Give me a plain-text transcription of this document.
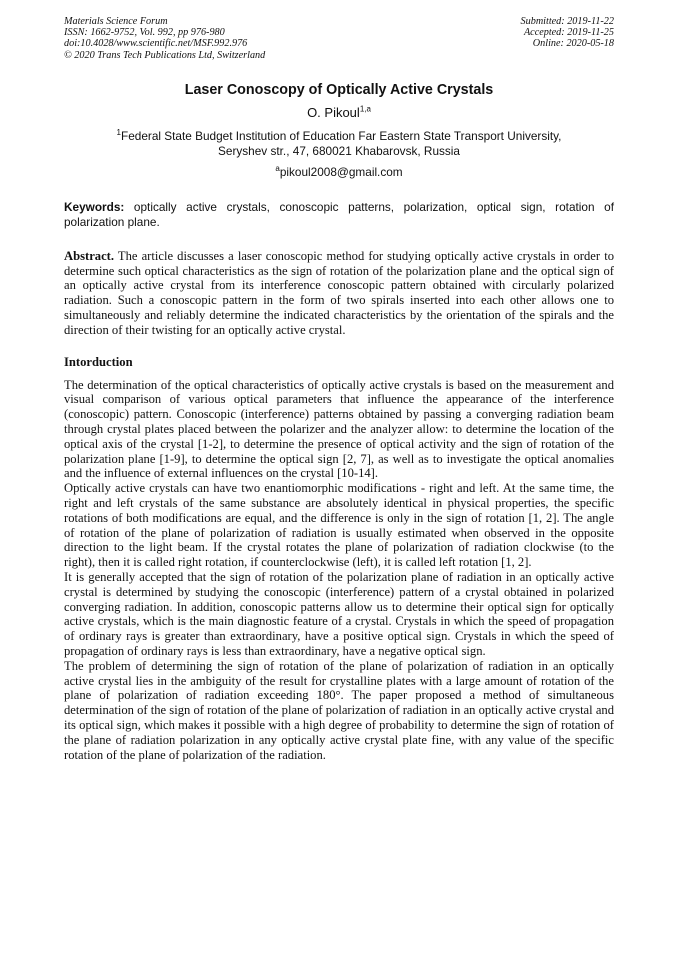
Materials Science Forum
ISSN: 1662-9752, Vol. 992, pp 976-980
doi:10.4028/www.scientific.net/MSF.992.976
© 2020 Trans Tech Publications Ltd, Switzerland
Submitted: 2019-11-22
Accepted: 2019-11-25
Online: 2020-05-18
Laser Conoscopy of Optically Active Crystals
O. Pikoul$^{1,a}$
$^1$Federal State Budget Institution of Education Far Eastern State Transport University,
Seryshev str., 47, 680021 Khabarovsk, Russia
$^a$pikoul2008@gmail.com
Keywords: optically active crystals, conoscopic patterns, polarization, optical sign, rotation of polarization plane.
Abstract. The article discusses a laser conoscopic method for studying optically active crystals in order to determine such optical characteristics as the sign of rotation of the polarization plane and the optical sign of an optically active crystal from its interference conoscopic pattern obtained with circularly polarized radiation. Such a conoscopic pattern in the form of two spirals inserted into each other allows one to simultaneously and reliably determine the indicated characteristics by the orientation of the spirals and the direction of their twisting for an optically active crystal.
Intorduction

The determination of the optical characteristics of optically active crystals is based on the measurement and visual comparison of various optical parameters that influence the appearance of the interference (conoscopic) pattern. Conoscopic (interference) patterns obtained by passing a converging radiation beam through crystal plates placed between the polarizer and the analyzer allow: to determine the location of the optical axis of the crystal [1-2], to determine the presence of optical activity and the sign of rotation of the polarization plane [1-9], to determine the optical sign [2, 7], as well as to investigate the optical anomalies and the influence of external influences on the crystal [10-14].

Optically active crystals can have two enantiomorphic modifications - right and left. At the same time, the right and left crystals of the same substance are absolutely identical in physical properties, the specific rotations of both modifications are equal, and the difference is only in the sign of rotation [1, 2]. The angle of rotation of the plane of polarization of radiation is usually estimated when observed in the opposite direction to the light beam. If the crystal rotates the plane of polarization of radiation clockwise (to the right), then it is called right rotation, if counterclockwise (left), it is called left rotation [1, 2].

It is generally accepted that the sign of rotation of the polarization plane of radiation in an optically active crystal is determined by studying the conoscopic (interference) pattern of a crystal obtained in polarized converging radiation. In addition, conoscopic patterns allow us to determine their optical sign for optically active crystals, which is the main diagnostic feature of a crystal. Crystals in which the speed of propagation of ordinary rays is greater than extraordinary, have a positive optical sign. Crystals in which the speed of propagation of ordinary rays is less than extraordinary, have a negative optical sign.

The problem of determining the sign of rotation of the plane of polarization of radiation in an optically active crystal lies in the ambiguity of the result for crystalline plates with a large amount of rotation of the plane of polarization of radiation exceeding 180°. The paper proposed a method of simultaneous determination of the sign of rotation of the plane of polarization of radiation in an optically active crystal and its optical sign, which makes it possible with a high degree of probability to determine the sign of rotation of the plane of radiation polarization in any optically active crystal plate fine, with any value of the specific rotation of the plane of polarization of the radiation.
